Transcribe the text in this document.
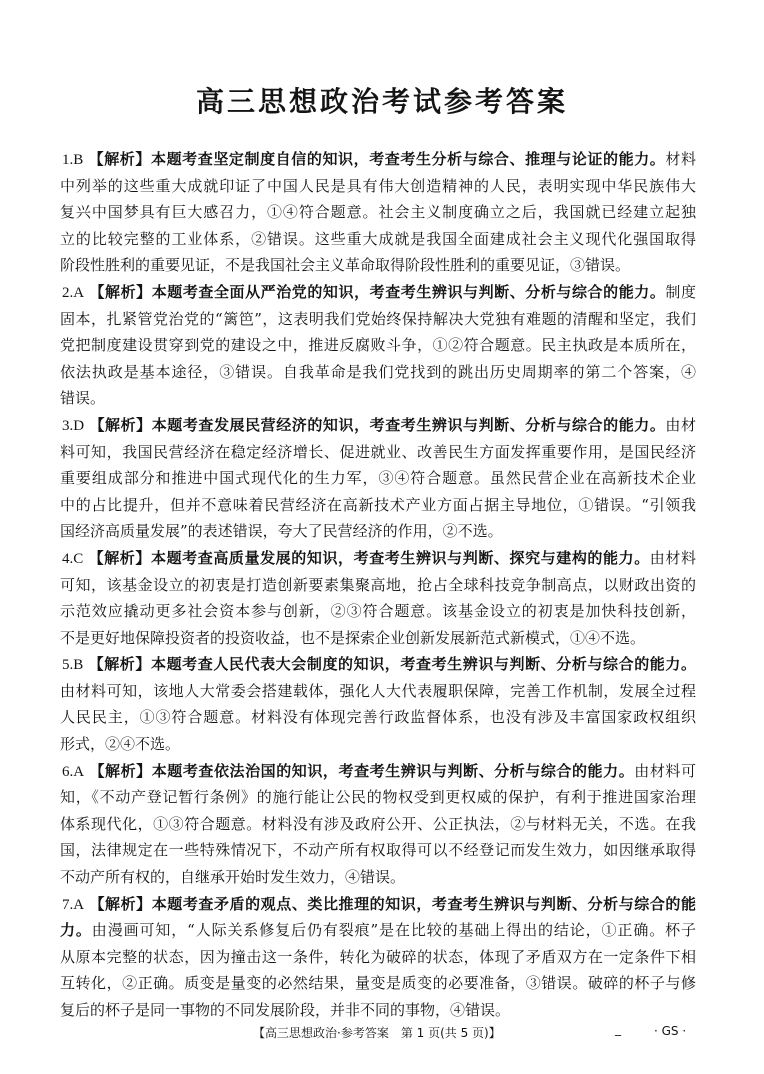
高三思想政治考试参考答案
1.B 【解析】本题考查坚定制度自信的知识，考查考生分析与综合、推理与论证的能力。材料
中列举的这些重大成就印证了中国人民是具有伟大创造精神的人民，表明实现中华民族伟大
复兴中国梦具有巨大感召力，①④符合题意。社会主义制度确立之后，我国就已经建立起独
立的比较完整的工业体系，②错误。这些重大成就是我国全面建成社会主义现代化强国取得
阶段性胜利的重要见证，不是我国社会主义革命取得阶段性胜利的重要见证，③错误。
2.A 【解析】本题考查全面从严治党的知识，考查考生辨识与判断、分析与综合的能力。制度
固本，扎紧管党治党的“篱笆”，这表明我们党始终保持解决大党独有难题的清醒和坚定，我们
党把制度建设贯穿到党的建设之中，推进反腐败斗争，①②符合题意。民主执政是本质所在，
依法执政是基本途径，③错误。自我革命是我们党找到的跳出历史周期率的第二个答案，④
错误。
3.D 【解析】本题考查发展民营经济的知识，考查考生辨识与判断、分析与综合的能力。由材
料可知，我国民营经济在稳定经济增长、促进就业、改善民生方面发挥重要作用，是国民经济
重要组成部分和推进中国式现代化的生力军，③④符合题意。虽然民营企业在高新技术企业
中的占比提升，但并不意味着民营经济在高新技术产业方面占据主导地位，①错误。“引领我
国经济高质量发展”的表述错误，夸大了民营经济的作用，②不选。
4.C 【解析】本题考查高质量发展的知识，考查考生辨识与判断、探究与建构的能力。由材料
可知，该基金设立的初衷是打造创新要素集聚高地，抢占全球科技竞争制高点，以财政出资的
示范效应撬动更多社会资本参与创新，②③符合题意。该基金设立的初衷是加快科技创新，
不是更好地保障投资者的投资收益，也不是探索企业创新发展新范式新模式，①④不选。
5.B 【解析】本题考查人民代表大会制度的知识，考查考生辨识与判断、分析与综合的能力。
由材料可知，该地人大常委会搭建载体，强化人大代表履职保障，完善工作机制，发展全过程
人民民主，①③符合题意。材料没有体现完善行政监督体系，也没有涉及丰富国家政权组织
形式，②④不选。
6.A 【解析】本题考查依法治国的知识，考查考生辨识与判断、分析与综合的能力。由材料可
知，《不动产登记暂行条例》的施行能让公民的物权受到更权威的保护，有利于推进国家治理
体系现代化，①③符合题意。材料没有涉及政府公开、公正执法，②与材料无关，不选。在我
国，法律规定在一些特殊情况下，不动产所有权取得可以不经登记而发生效力，如因继承取得
不动产所有权的，自继承开始时发生效力，④错误。
7.A 【解析】本题考查矛盾的观点、类比推理的知识，考查考生辨识与判断、分析与综合的能
力。由漫画可知，“人际关系修复后仍有裂痕”是在比较的基础上得出的结论，①正确。杯子
从原本完整的状态，因为撞击这一条件，转化为破碎的状态，体现了矛盾双方在一定条件下相
互转化，②正确。质变是量变的必然结果，量变是质变的必要准备，③错误。破碎的杯子与修
复后的杯子是同一事物的不同发展阶段，并非不同的事物，④错误。
【高三思想政治·参考答案　第 1 页(共 5 页)】	_	· GS ·
